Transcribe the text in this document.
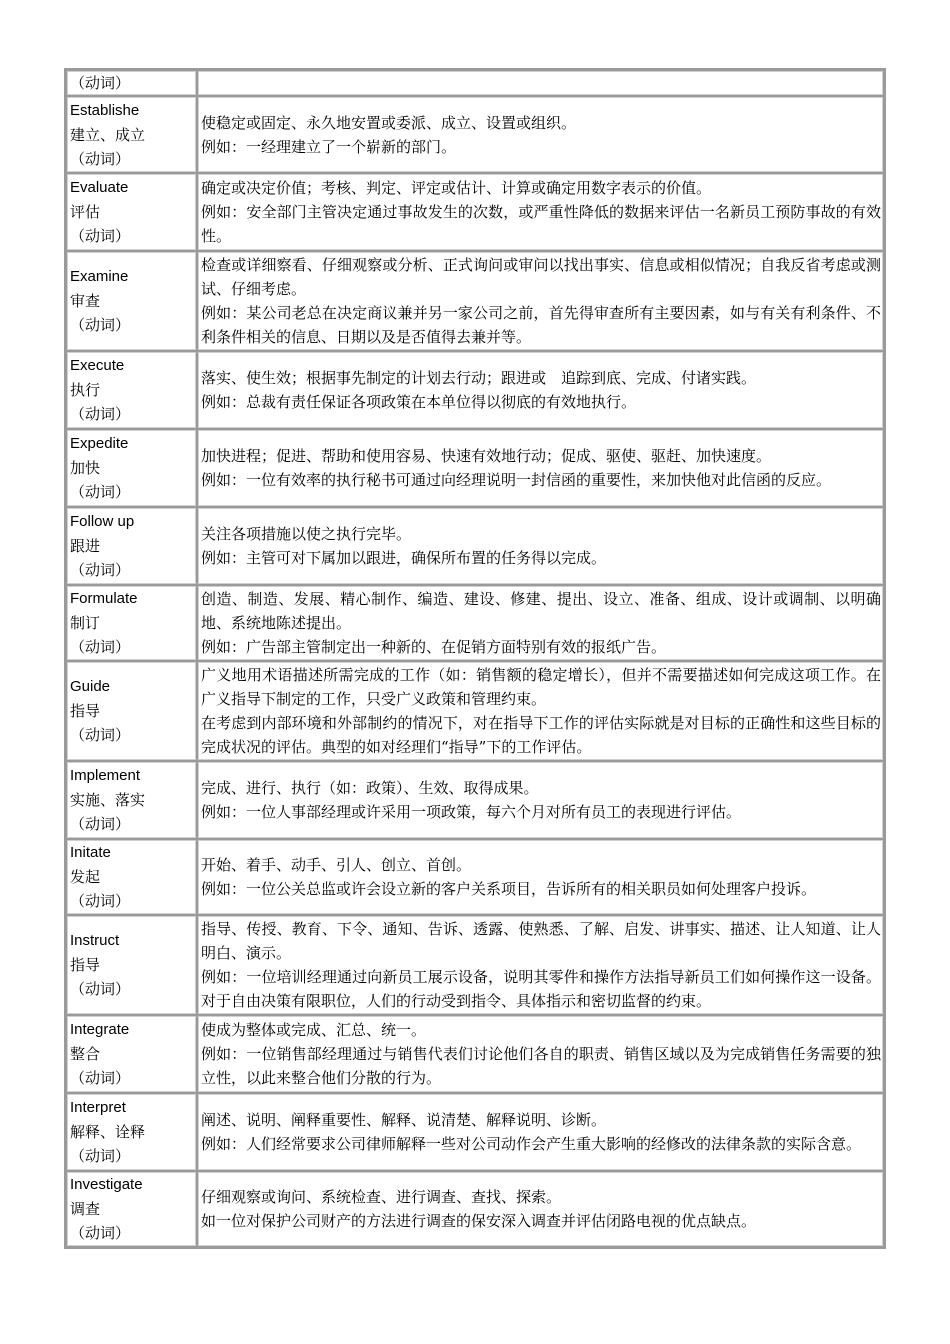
（动词）	

Establishe
建立、成立
（动词）	使稳定或固定、永久地安置或委派、成立、设置或组织。
例如：一经理建立了一个崭新的部门。

Evaluate
评估
（动词）	确定或决定价值；考核、判定、评定或估计、计算或确定用数字表示的价值。
例如：安全部门主管决定通过事故发生的次数，或严重性降低的数据来评估一名新员工预防事故的有效性。

Examine
审查
（动词）	检查或详细察看、仔细观察或分析、正式询问或审问以找出事实、信息或相似情况；自我反省考虑或测试、仔细考虑。
例如：某公司老总在决定商议兼并另一家公司之前，首先得审查所有主要因素，如与有关有利条件、不利条件相关的信息、日期以及是否值得去兼并等。

Execute
执行
（动词）	落实、使生效；根据事先制定的计划去行动；跟进或　追踪到底、完成、付诸实践。
例如：总裁有责任保证各项政策在本单位得以彻底的有效地执行。

Expedite
加快
（动词）	加快进程；促进、帮助和使用容易、快速有效地行动；促成、驱使、驱赶、加快速度。
例如：一位有效率的执行秘书可通过向经理说明一封信函的重要性，来加快他对此信函的反应。

Follow up
跟进
（动词）	关注各项措施以使之执行完毕。
例如：主管可对下属加以跟进，确保所布置的任务得以完成。

Formulate
制订
（动词）	创造、制造、发展、精心制作、编造、建设、修建、提出、设立、准备、组成、设计或调制、以明确地、系统地陈述提出。
例如：广告部主管制定出一种新的、在促销方面特别有效的报纸广告。

Guide
指导
（动词）	广义地用术语描述所需完成的工作（如：销售额的稳定增长），但并不需要描述如何完成这项工作。在广义指导下制定的工作，只受广义政策和管理约束。
在考虑到内部环境和外部制约的情况下，对在指导下工作的评估实际就是对目标的正确性和这些目标的完成状况的评估。典型的如对经理们“指导”下的工作评估。

Implement
实施、落实
（动词）	完成、进行、执行（如：政策）、生效、取得成果。
例如：一位人事部经理或许采用一项政策，每六个月对所有员工的表现进行评估。

Initate
发起
（动词）	开始、着手、动手、引人、创立、首创。
例如：一位公关总监或许会设立新的客户关系项目，告诉所有的相关职员如何处理客户投诉。

Instruct
指导
（动词）	指导、传授、教育、下令、通知、告诉、透露、使熟悉、了解、启发、讲事实、描述、让人知道、让人明白、演示。
例如：一位培训经理通过向新员工展示设备，说明其零件和操作方法指导新员工们如何操作这一设备。对于自由决策有限职位，人们的行动受到指令、具体指示和密切监督的约束。

Integrate
整合
（动词）	使成为整体或完成、汇总、统一。
例如：一位销售部经理通过与销售代表们讨论他们各自的职责、销售区域以及为完成销售任务需要的独立性，以此来整合他们分散的行为。

Interpret
解释、诠释
（动词）	阐述、说明、阐释重要性、解释、说清楚、解释说明、诊断。
例如：人们经常要求公司律师解释一些对公司动作会产生重大影响的经修改的法律条款的实际含意。

Investigate
调查
（动词）	仔细观察或询问、系统检查、进行调查、查找、探索。
如一位对保护公司财产的方法进行调查的保安深入调查并评估闭路电视的优点缺点。
